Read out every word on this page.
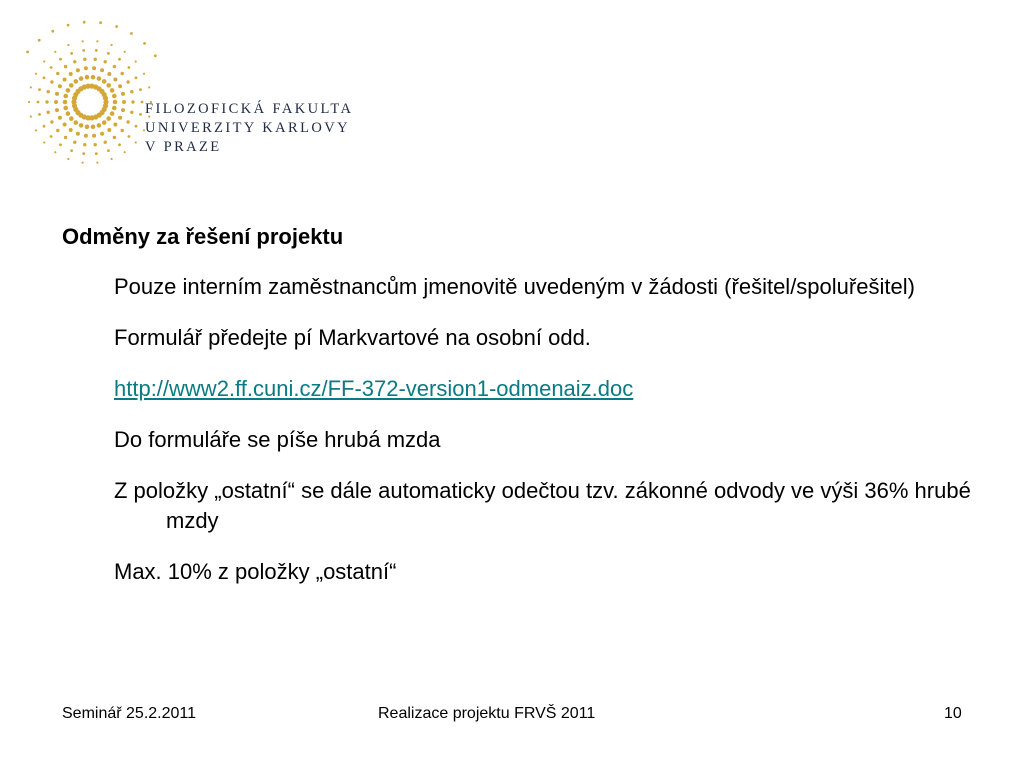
FILOZOFICKÁ FAKULTA
UNIVERZITY KARLOVY
V PRAZE
Odměny za řešení projektu
Pouze interním zaměstnancům jmenovitě uvedeným v žádosti (řešitel/spoluřešitel)
Formulář předejte pí Markvartové na osobní odd.
http://www2.ff.cuni.cz/FF-372-version1-odmenaiz.doc
Do formuláře se píše hrubá mzda
Z položky „ostatní“ se dále automaticky odečtou tzv. zákonné odvody ve výši 36% hrubé mzdy
Max. 10% z položky „ostatní“
Seminář 25.2.2011	Realizace projektu FRVŠ 2011	10
